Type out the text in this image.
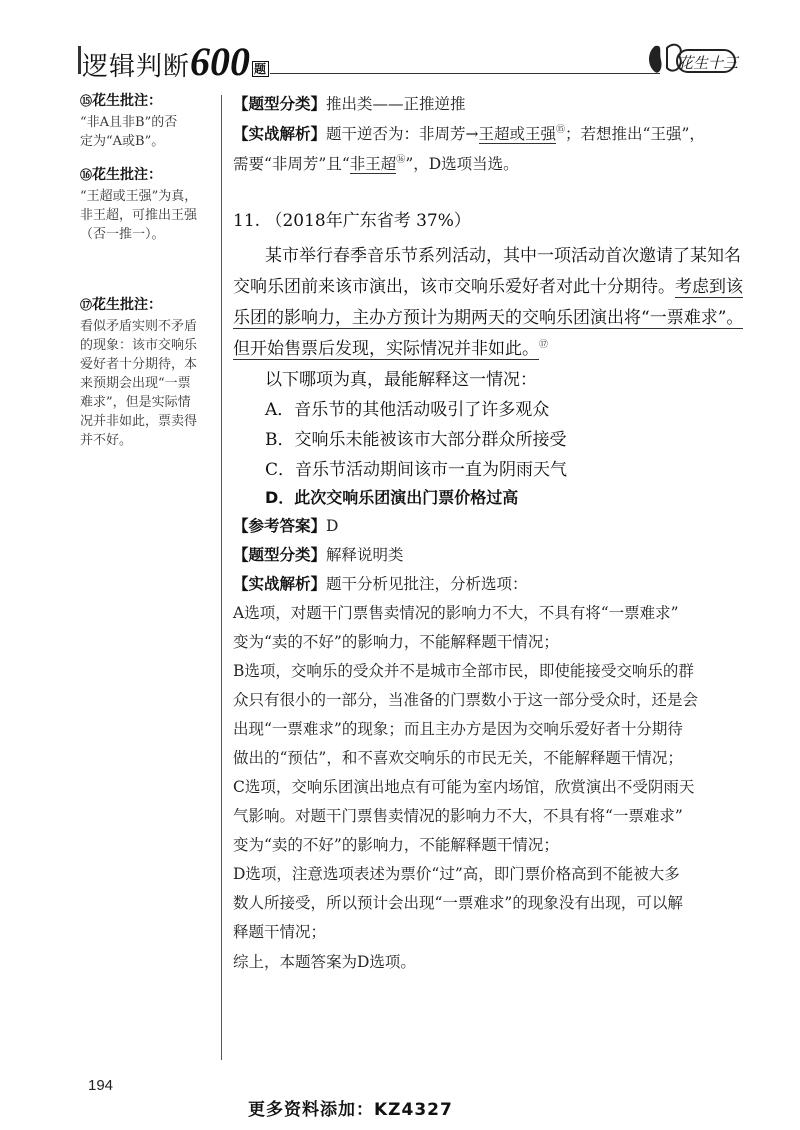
逻辑判断600 题	花生十三
⑮花生批注：
“非A且非B”的否
定为“A或B”。
⑯花生批注：
“王超或王强”为真，
非王超，可推出王强
（否一推一）。
⑰花生批注：
看似矛盾实则不矛盾
的现象：该市交响乐
爱好者十分期待，本
来预期会出现“一票
难求”，但是实际情
况并非如此，票卖得
并不好。
【题型分类】推出类——正推逆推
【实战解析】题干逆否为：非周芳→王超或王强⑮；若想推出“王强”，
需要“非周芳”且“非王超⑯”，D选项当选。
11. （2018年广东省考 37%）
某市举行春季音乐节系列活动，其中一项活动首次邀请了某知名
交响乐团前来该市演出，该市交响乐爱好者对此十分期待。考虑到该
乐团的影响力，主办方预计为期两天的交响乐团演出将“一票难求”。
但开始售票后发现，实际情况并非如此。⑰
以下哪项为真，最能解释这一情况：
A．音乐节的其他活动吸引了许多观众
B．交响乐未能被该市大部分群众所接受
C．音乐节活动期间该市一直为阴雨天气
D．此次交响乐团演出门票价格过高
【参考答案】D
【题型分类】解释说明类
【实战解析】题干分析见批注，分析选项：
A选项，对题干门票售卖情况的影响力不大，不具有将“一票难求”
变为“卖的不好”的影响力，不能解释题干情况；
B选项，交响乐的受众并不是城市全部市民，即使能接受交响乐的群
众只有很小的一部分，当准备的门票数小于这一部分受众时，还是会
出现“一票难求”的现象；而且主办方是因为交响乐爱好者十分期待
做出的“预估”，和不喜欢交响乐的市民无关，不能解释题干情况；
C选项，交响乐团演出地点有可能为室内场馆，欣赏演出不受阴雨天
气影响。对题干门票售卖情况的影响力不大，不具有将“一票难求”
变为“卖的不好”的影响力，不能解释题干情况；
D选项，注意选项表述为票价“过”高，即门票价格高到不能被大多
数人所接受，所以预计会出现“一票难求”的现象没有出现，可以解
释题干情况；
综上，本题答案为D选项。
194
更多资料添加：KZ4327
